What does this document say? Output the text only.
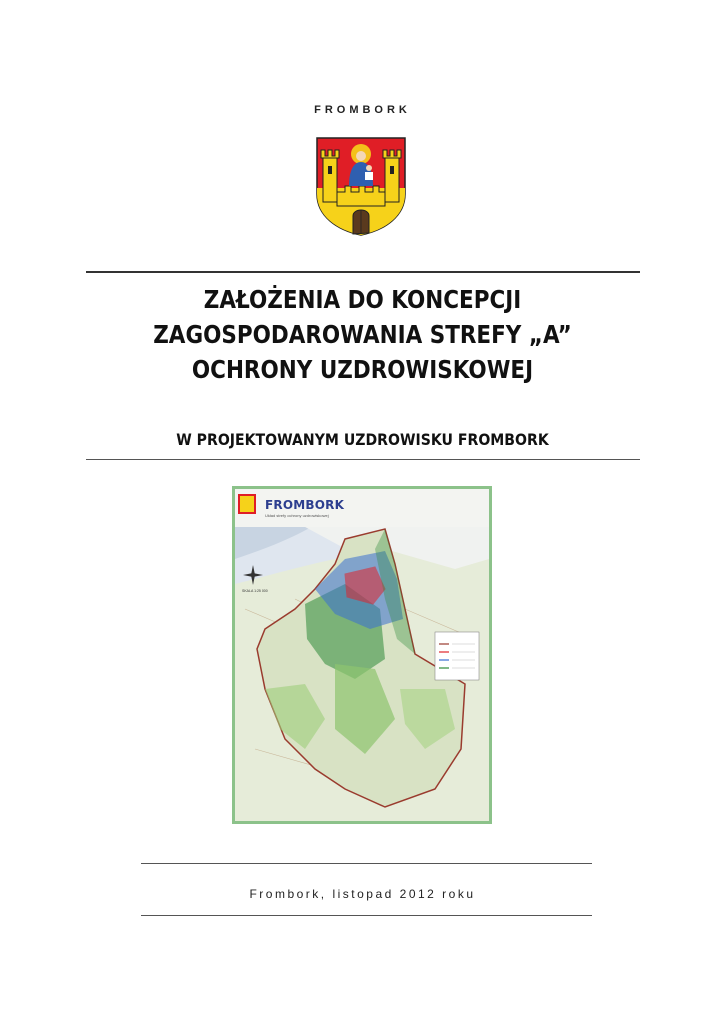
FROMBORK
ZAŁOŻENIA DO KONCEPCJI
ZAGOSPODAROWANIA STREFY „A”
OCHRONY UZDROWISKOWEJ
W PROJEKTOWANYM UZDROWISKU FROMBORK
FROMBORK
Układ strefy ochrony uzdrowiskowej
SKALA 1:25 000
Frombork, listopad 2012 roku
